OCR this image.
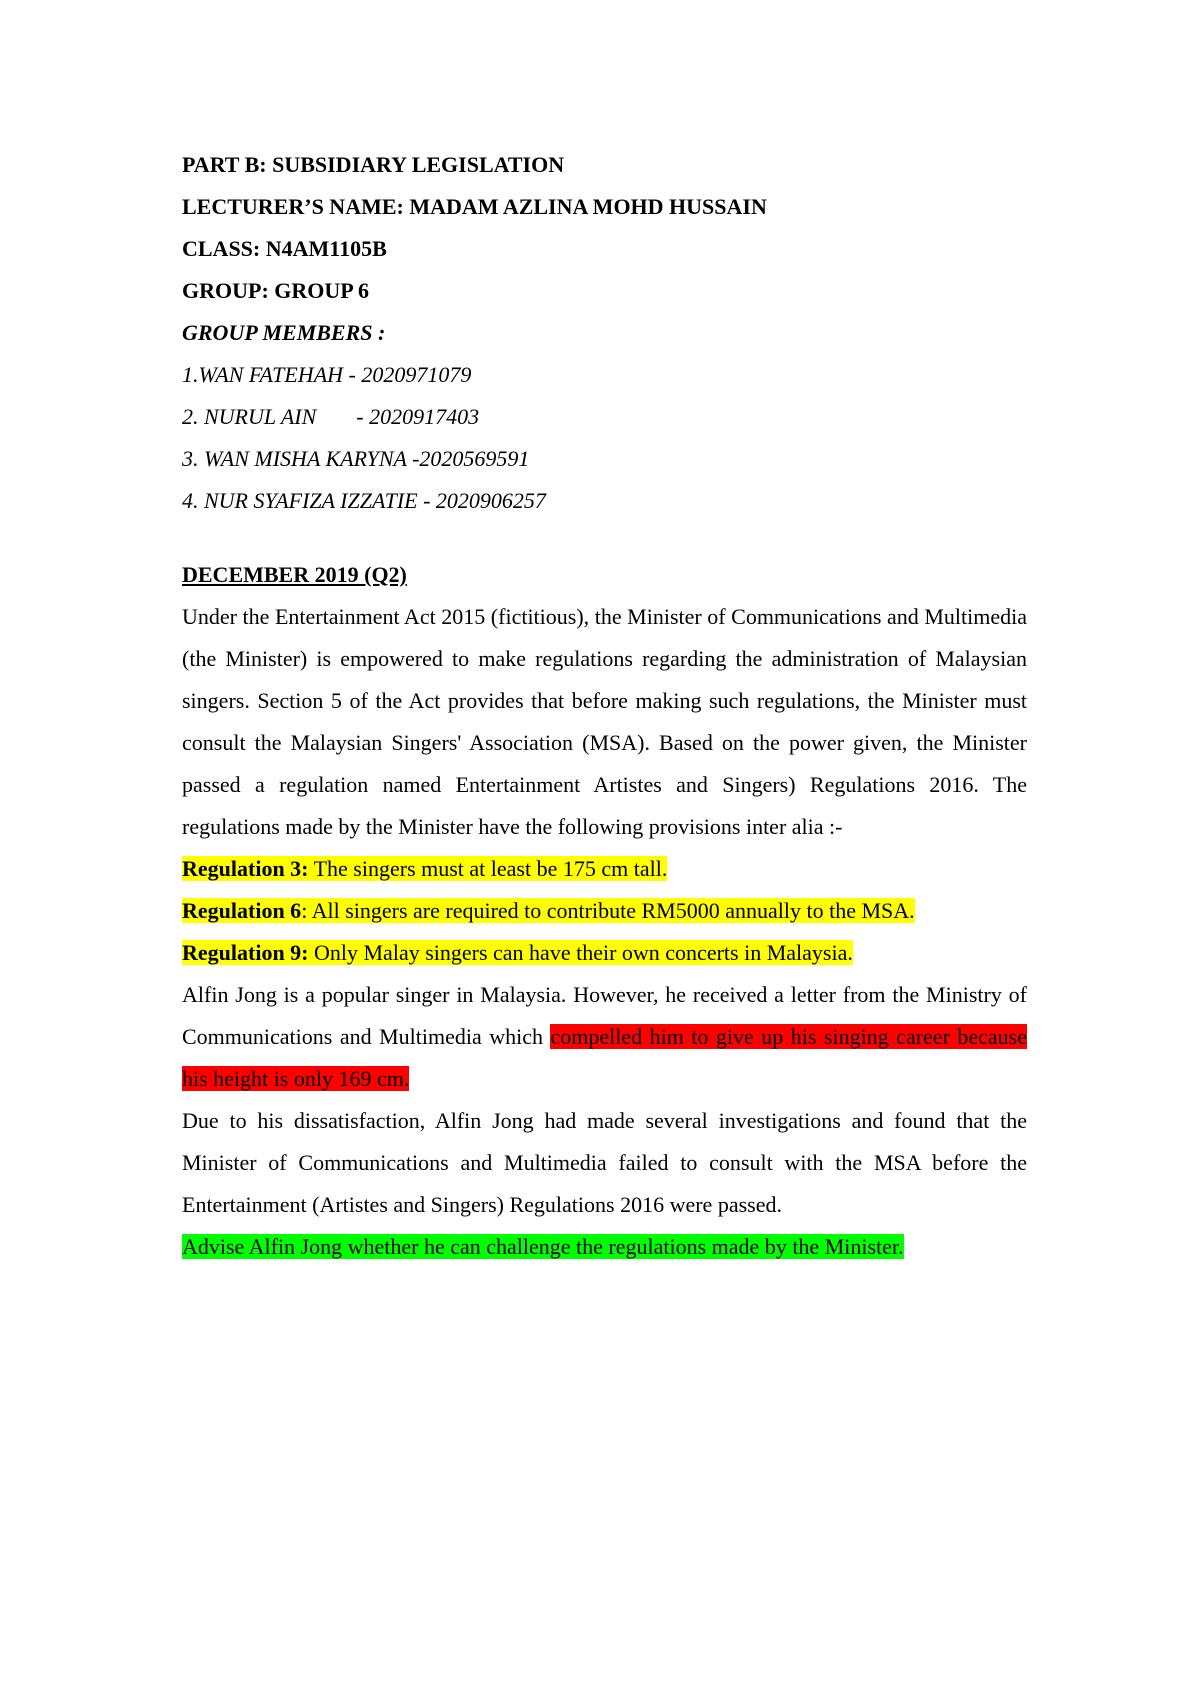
PART B: SUBSIDIARY LEGISLATION

LECTURER’S NAME: MADAM AZLINA MOHD HUSSAIN

CLASS: N4AM1105B

GROUP: GROUP 6

GROUP MEMBERS :

1.WAN FATEHAH - 2020971079

2. NURUL AIN - 2020917403

3. WAN MISHA KARYNA -2020569591

4. NUR SYAFIZA IZZATIE - 2020906257

DECEMBER 2019 (Q2)

Under the Entertainment Act 2015 (fictitious), the Minister of Communications and Multimedia (the Minister) is empowered to make regulations regarding the administration of Malaysian singers. Section 5 of the Act provides that before making such regulations, the Minister must consult the Malaysian Singers' Association (MSA). Based on the power given, the Minister passed a regulation named Entertainment Artistes and Singers) Regulations 2016. The regulations made by the Minister have the following provisions inter alia :-

Regulation 3: The singers must at least be 175 cm tall.

Regulation 6: All singers are required to contribute RM5000 annually to the MSA.

Regulation 9: Only Malay singers can have their own concerts in Malaysia.

Alfin Jong is a popular singer in Malaysia. However, he received a letter from the Ministry of Communications and Multimedia which compelled him to give up his singing career because his height is only 169 cm.

Due to his dissatisfaction, Alfin Jong had made several investigations and found that the Minister of Communications and Multimedia failed to consult with the MSA before the Entertainment (Artistes and Singers) Regulations 2016 were passed.

Advise Alfin Jong whether he can challenge the regulations made by the Minister.
